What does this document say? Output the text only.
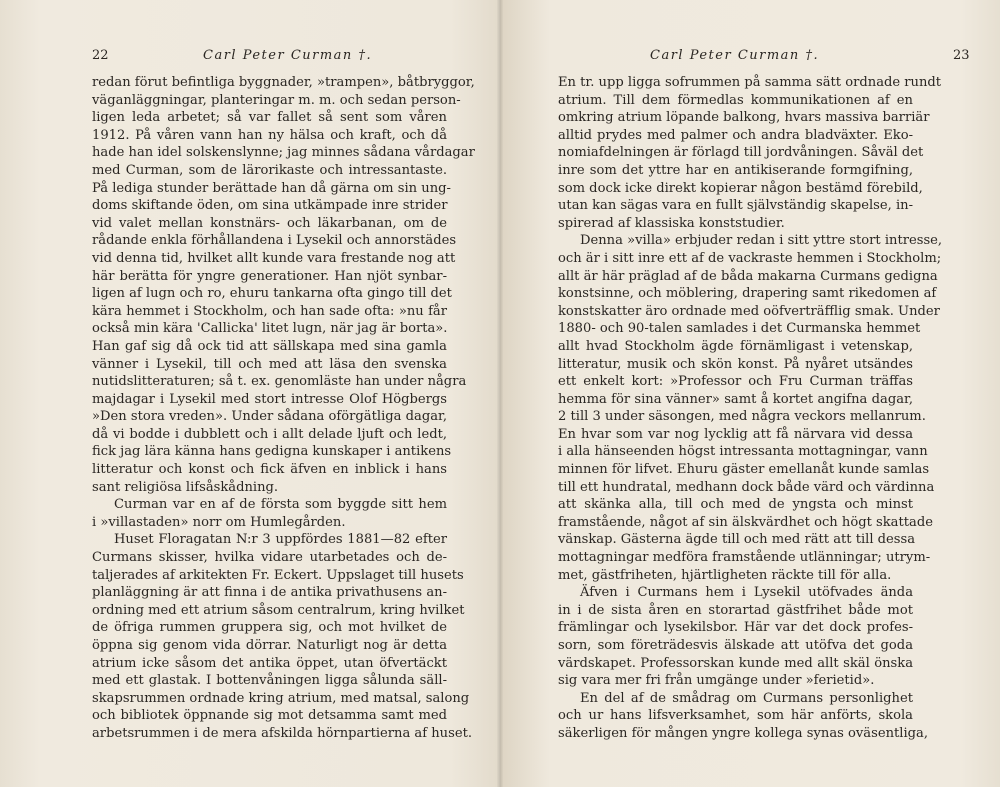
22	Carl Peter Curman †.
redan förut befintliga byggnader, »trampen», båtbryggor,
väganläggningar, planteringar m. m. och sedan person-
ligen leda arbetet; så var fallet så sent som våren
1912. På våren vann han ny hälsa och kraft, och då
hade han idel solskenslynne; jag minnes sådana vårdagar
med Curman, som de lärorikaste och intressantaste.
På lediga stunder berättade han då gärna om sin ung-
doms skiftande öden, om sina utkämpade inre strider
vid valet mellan konstnärs- och läkarbanan, om de
rådande enkla förhållandena i Lysekil och annorstädes
vid denna tid, hvilket allt kunde vara frestande nog att
här berätta för yngre generationer. Han njöt synbar-
ligen af lugn och ro, ehuru tankarna ofta gingo till det
kära hemmet i Stockholm, och han sade ofta: »nu får
också min kära 'Callicka' litet lugn, när jag är borta».
Han gaf sig då ock tid att sällskapa med sina gamla
vänner i Lysekil, till och med att läsa den svenska
nutidslitteraturen; så t. ex. genomläste han under några
majdagar i Lysekil med stort intresse Olof Högbergs
»Den stora vreden». Under sådana oförgätliga dagar,
då vi bodde i dubblett och i allt delade ljuft och ledt,
fick jag lära känna hans gedigna kunskaper i antikens
litteratur och konst och fick äfven en inblick i hans
sant religiösa lifsåskådning.
Curman var en af de första som byggde sitt hem
i »villastaden» norr om Humlegården.
Huset Floragatan N:r 3 uppfördes 1881—82 efter
Curmans skisser, hvilka vidare utarbetades och de-
taljerades af arkitekten Fr. Eckert. Uppslaget till husets
planläggning är att finna i de antika privathusens an-
ordning med ett atrium såsom centralrum, kring hvilket
de öfriga rummen gruppera sig, och mot hvilket de
öppna sig genom vida dörrar. Naturligt nog är detta
atrium icke såsom det antika öppet, utan öfvertäckt
med ett glastak. I bottenvåningen ligga sålunda säll-
skapsrummen ordnade kring atrium, med matsal, salong
och bibliotek öppnande sig mot detsamma samt med
arbetsrummen i de mera afskilda hörnpartierna af huset.
Carl Peter Curman †.	23
En tr. upp ligga sofrummen på samma sätt ordnade rundt
atrium. Till dem förmedlas kommunikationen af en
omkring atrium löpande balkong, hvars massiva barriär
alltid prydes med palmer och andra bladväxter. Eko-
nomiafdelningen är förlagd till jordvåningen. Såväl det
inre som det yttre har en antikiserande formgifning,
som dock icke direkt kopierar någon bestämd förebild,
utan kan sägas vara en fullt självständig skapelse, in-
spirerad af klassiska konststudier.
Denna »villa» erbjuder redan i sitt yttre stort intresse,
och är i sitt inre ett af de vackraste hemmen i Stockholm;
allt är här präglad af de båda makarna Curmans gedigna
konstsinne, och möblering, drapering samt rikedomen af
konstskatter äro ordnade med oöfverträfflig smak. Under
1880- och 90-talen samlades i det Curmanska hemmet
allt hvad Stockholm ägde förnämligast i vetenskap,
litteratur, musik och skön konst. På nyåret utsändes
ett enkelt kort: »Professor och Fru Curman träffas
hemma för sina vänner» samt å kortet angifna dagar,
2 till 3 under säsongen, med några veckors mellanrum.
En hvar som var nog lycklig att få närvara vid dessa
i alla hänseenden högst intressanta mottagningar, vann
minnen för lifvet. Ehuru gäster emellanåt kunde samlas
till ett hundratal, medhann dock både värd och värdinna
att skänka alla, till och med de yngsta och minst
framstående, något af sin älskvärdhet och högt skattade
vänskap. Gästerna ägde till och med rätt att till dessa
mottagningar medföra framstående utlänningar; utrym-
met, gästfriheten, hjärtligheten räckte till för alla.
Äfven i Curmans hem i Lysekil utöfvades ända
in i de sista åren en storartad gästfrihet både mot
främlingar och lysekilsbor. Här var det dock profes-
sorn, som företrädesvis älskade att utöfva det goda
värdskapet. Professorskan kunde med allt skäl önska
sig vara mer fri från umgänge under »ferietid».
En del af de smådrag om Curmans personlighet
och ur hans lifsverksamhet, som här anförts, skola
säkerligen för mången yngre kollega synas oväsentliga,
